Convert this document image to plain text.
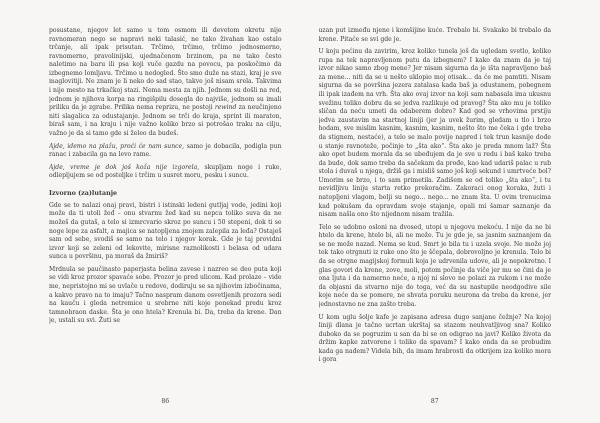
posustane, njegov let samo u tom osmom ili devetom okretu nije ravnomeran nego se napravi neki talasić, ne tako živahan kao ostalo trčanje, ali ipak prisutan. Trčimo, trčimo, trčimo jednosmerno, ravnomerno, pravolinijski, ujednačenom brzinom, pa ne tako često naletimo na baru ili psa koji vuče gazdu na povocu, pa poskočimo da izbegnemo lomljavu. Trčimo u nedogled. Što smo duže na stazi, kraj je sve maglovitiji. Ne znam je li neko do sad stao, takve još nisam srela. Takvima i nije mesto na trkačkoj stazi. Nema mesta za njih. Jednom su došli na red, jednom je njihova korpa na ringišpilu dosegla do najviše, jednom su imali priliku da je zgrabe. Prilika nema reprizu, ne postoji rewind za neučinjeno niti slagalica za odustajanje. Jednom se trči do kraja, sprint ili maraton, biraš sam, i na kraju i nije važno koliko brzo si potrošao traku na cilju, važno je da si tamo gde si želeo da budeš.

Ajde, idemo na plažu, proći će nam sunce, samo je dobacila, podigla pun ranac i zabacila ga na levo rame.

Ajde, vreme je dok još koža nije izgorela, skupljam noge i ruke, odlepljujem se od posteljke i trčim u susret moru, pesku i suncu.

Izvorno (za)lutanje

Gde se to nalazi onaj pravi, bistri i istinski ledeni gutljaj vode, jedini koji može da ti utoli žeđ – onu stvarnu žeđ kad su nepca toliko suva da ne možeš da gutaš, a telo si izmrcvario skroz po suncu i 50 stepeni, dok ti se noge lepe za asfalt, a majica se natopljena znojem zalepila za leđa? Ostaješ sam od sebe, svodiš se samo na telo i njegov korak. Gde je taj providni izvor koji se zeleni od lekovite, mirisne raznolikosti i belasa od udara sunca u površinu, pa moraš da žmiriš?

Mrdnula se paučinasto paperjasta belina zavese i nazreo se deo puta koji se vidi kroz prozor spavaće sobe. Prozor je pred ulicom. Kad prolaze – vide me, nepristojno mi se uvlače u redove, dodiruju se sa njihovim izbočinama, a kakvo pravo na to imaju? Tačno naspram danom osvetljenih prozora sedi na kauču i gleda netremice u srebrne niti koje ponekad predu kroz tamnobraon daske. Šta je ono htela? Krenula bi. Da, treba da krene. Dan je, ustali su svi. Žuti se

86

uzan put između njene i komšijine kuće. Trebalo bi. Svakako bi trebalo da krene. Pitaće se svi gde je.

U koju pećinu da zavirim, kroz koliko tunela još da ugledam svetlo, koliko rupa na tek napravljenom putu da izbegnem? I kako da znam da je taj izvor nikao samo zbog mene? Jer nisam sigurna da je išta napravljeno baš za mene... niti da se u nešto uklopio moj otisak... da će me pamtiti. Nisam sigurna da se površina jezera zatalasa kada baš ja odustanem, pobegnem ili ipak izađem na vrh. Šta ako ovaj izvor na koji sam nabasala ima ukusnu svežinu toliko dobru da se jedva razlikuje od pravog? Šta ako mu je toliko sličan da neću umeti da odaberem dobro? Kad god se vrhovima prstiju jedva zaustavim na startnoj liniji (jer ja uvek žurim, gledam u tlo i brzo hodam, sve mislim kasnim, kasnim, kasnim, nešto što me čeka i gde treba da stignem, nestaće), a telo se malo povije napred i tek trun kasnije dođe u stanje ravnoteže, počinje to „šta ako“. Šta ako je preda mnom laž? Šta ako opet budem morala da se ubeđujem da je sve u redu i baš kako treba da bude, dok samo treba da sačekam da prođe, kao kad udariš palac u rub stola i duvaš u njega, držiš ga i misliš samo još koji sekund i umrtveće bol? Umorim se brzo, i to sam primetila. Zadišem se od toliko „šta ako“, i tu nevidljivu liniju starta retko prekoračim. Zakoraci onog koraka, žuti i natopljeni vlagom, bolji su nego... nego... ne znam šta. U ovim trenucima kad pokušam da opravdam svoje stajanje, opali mi šamar saznanje da nisam našla ono što nijednom nisam tražila.

Telo se udobno osloni na dvosed, utopi u njegovu mekoću. I nije da ne bi htelo da krene, htelo bi, ali ne može. Tu je gde je, sa jasnim saznanjem da se ne može nazad. Nema se kud. Smrt je bila tu i uzela svoje. Ne može joj tek tako otrgnuti iz ruke ono što je ščepala, dobrovoljno je krenula. Telo bi da se otrgne magijskoj formuli koja je udrvenila udove, ali je nepokretno. I glas govori da krene, zove, moli, potom počinje da viče jer mu se čini da je ona ljuta i da namerno neće, a njoj ni slovo ne polazi za rukom i ne može da objasni da stvarno nije do toga, već da su nastupile neodgodive sile koje neće da se pomere, ne shvata poruku neurona da treba da krene, jer jednostavno ne zna zašto treba.

U kom uglu šolje kafe je zapisana adresa dugo sanjane čežnje? Na kojoj liniji dlana je tačno ucrtan ukrštaj sa stazom neuhvatljivog sna? Koliko duboko da se pogruzim u san da bi se on odigrao na javi? Koliko života da držim kapke zatvorene i toliko da spavam? I kako onda da se probudim kada ga nađem? Videla bih, da imam hrabrosti da otkrijem iza koliko mora i gora

87
